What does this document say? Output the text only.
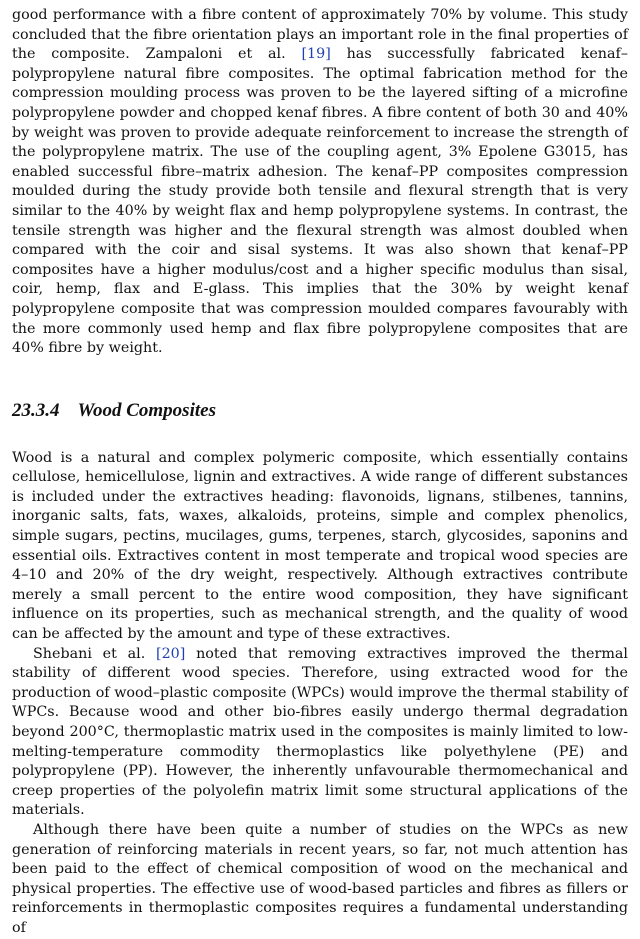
good performance with a fibre content of approximately 70% by volume. This study concluded that the fibre orientation plays an important role in the final properties of the composite. Zampaloni et al. [19] has successfully fabricated kenaf–polypropylene natural fibre composites. The optimal fabrication method for the compression moulding process was proven to be the layered sifting of a microfine polypropylene powder and chopped kenaf fibres. A fibre content of both 30 and 40% by weight was proven to provide adequate reinforcement to increase the strength of the polypropylene matrix. The use of the coupling agent, 3% Epolene G3015, has enabled successful fibre–matrix adhesion. The kenaf–PP composites compression moulded during the study provide both tensile and flexural strength that is very similar to the 40% by weight flax and hemp polypropylene systems. In contrast, the tensile strength was higher and the flexural strength was almost doubled when compared with the coir and sisal systems. It was also shown that kenaf–PP composites have a higher modulus/cost and a higher specific modulus than sisal, coir, hemp, flax and E-glass. This implies that the 30% by weight kenaf polypropylene composite that was compression moulded compares favourably with the more commonly used hemp and flax fibre polypropylene composites that are 40% fibre by weight.

23.3.4 Wood Composites

Wood is a natural and complex polymeric composite, which essentially contains cellulose, hemicellulose, lignin and extractives. A wide range of different substances is included under the extractives heading: flavonoids, lignans, stilbenes, tannins, inorganic salts, fats, waxes, alkaloids, proteins, simple and complex phenolics, simple sugars, pectins, mucilages, gums, terpenes, starch, glycosides, saponins and essential oils. Extractives content in most temperate and tropical wood species are 4–10 and 20% of the dry weight, respectively. Although extractives contribute merely a small percent to the entire wood composition, they have significant influence on its properties, such as mechanical strength, and the quality of wood can be affected by the amount and type of these extractives.

Shebani et al. [20] noted that removing extractives improved the thermal stability of different wood species. Therefore, using extracted wood for the production of wood–plastic composite (WPCs) would improve the thermal stability of WPCs. Because wood and other bio-fibres easily undergo thermal degradation beyond 200°C, thermoplastic matrix used in the composites is mainly limited to low-melting-temperature commodity thermoplastics like polyethylene (PE) and polypropylene (PP). However, the inherently unfavourable thermomechanical and creep properties of the polyolefin matrix limit some structural applications of the materials.

Although there have been quite a number of studies on the WPCs as new generation of reinforcing materials in recent years, so far, not much attention has been paid to the effect of chemical composition of wood on the mechanical and physical properties. The effective use of wood-based particles and fibres as fillers or reinforcements in thermoplastic composites requires a fundamental understanding of
